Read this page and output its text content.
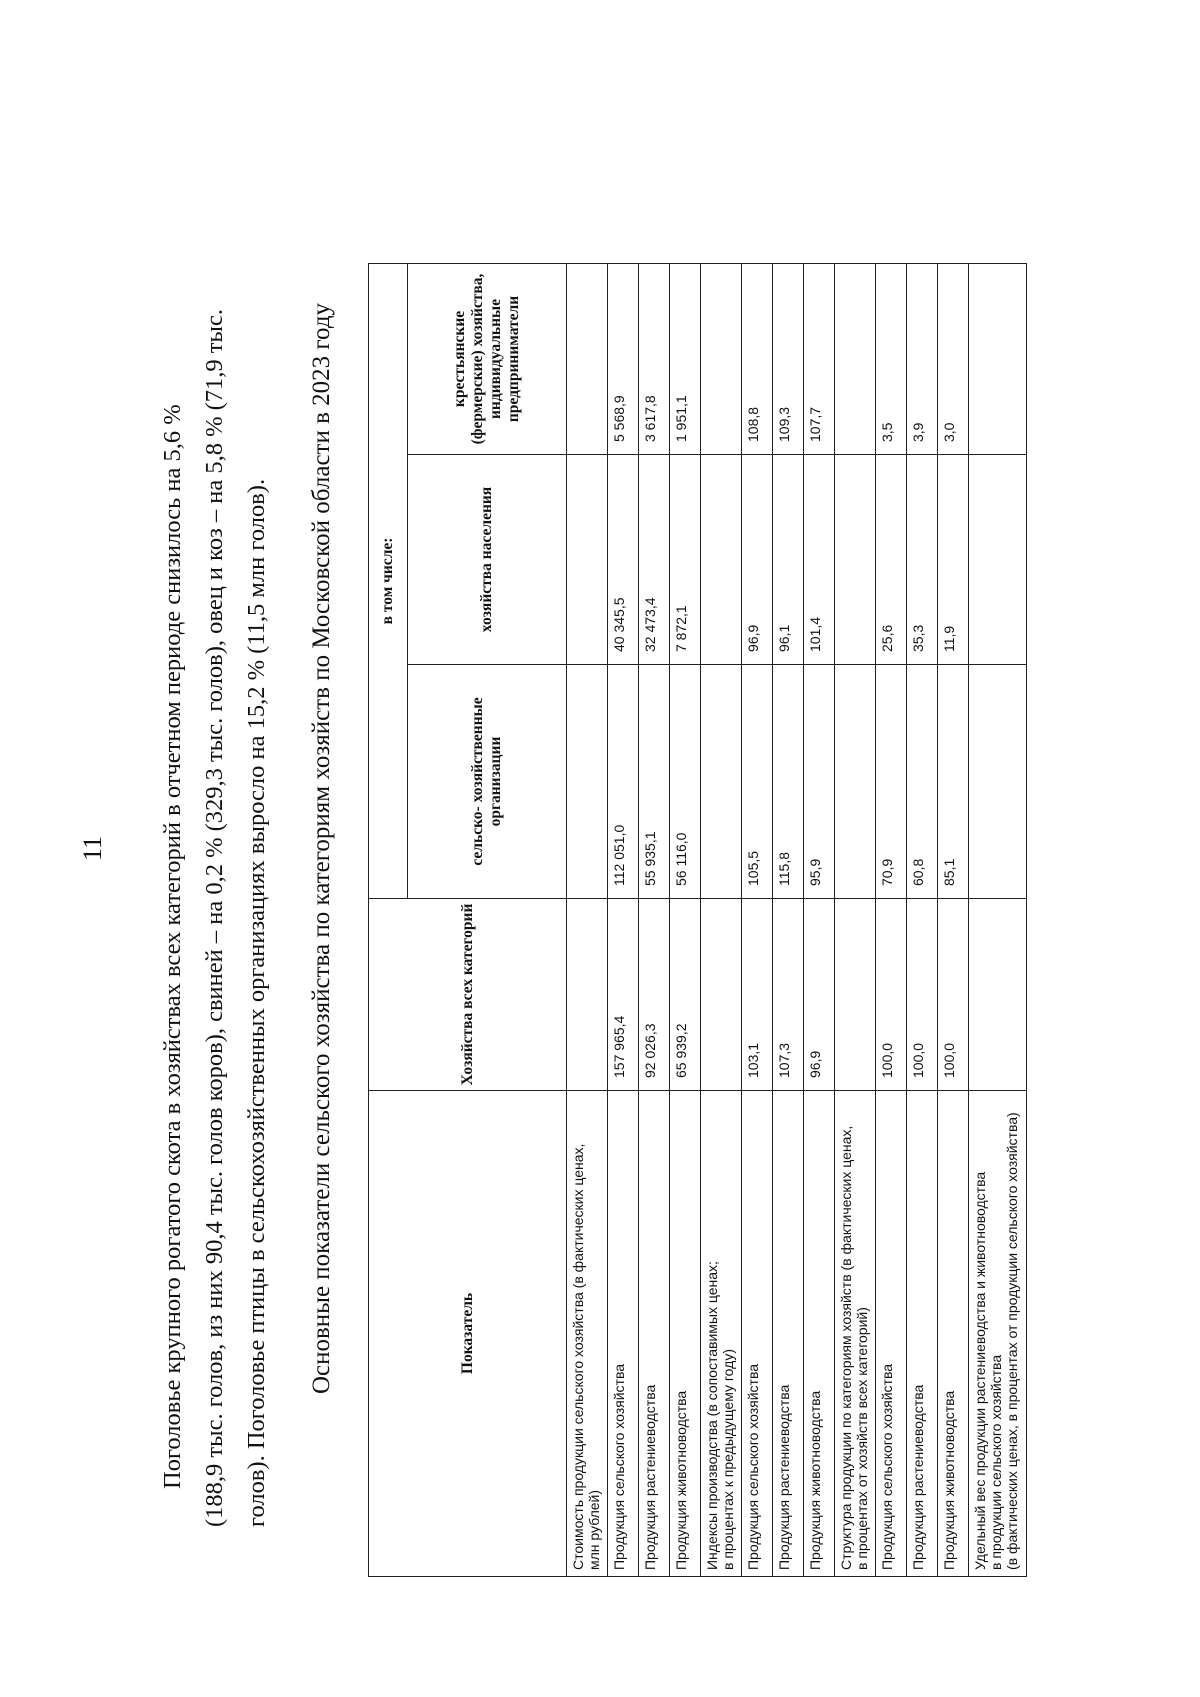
11 Поголовье крупного рогатого скота в хозяйствах всех категорий в отчетном периоде снизилось на 5,6 % (188,9 тыс. голов, из них 90,4 тыс. голов коров), свиней – на 0,2 % (329,3 тыс. голов), овец и коз – на 5,8 % (71,9 тыс. голов). Поголовье птицы в сельскохозяйственных организациях выросло на 15,2 % (11,5 млн голов).	Основные показатели сельского хозяйства по категориям хозяйств по Московской области в 2023 году	Показатель	Хозяйства всех категорий	в том числе:		
		сельско- хозяйственные организации	хозяйства населения	крестьянские (фермерские) хозяйства, индивидуальные предприниматели
Стоимость продукции сельского хозяйства (в фактических ценах,
млн рублей)				
Продукция сельского хозяйства	157 965,4	112 051,0	40 345,5	5 568,9
Продукция растениеводства	92 026,3	55 935,1	32 473,4	3 617,8
Продукция животноводства	65 939,2	56 116,0	7 872,1	1 951,1
Индексы производства (в сопоставимых ценах;
в процентах к предыдущему году)				
Продукция сельского хозяйства	103,1	105,5	96,9	108,8
Продукция растениеводства	107,3	115,8	96,1	109,3
Продукция животноводства	96,9	95,9	101,4	107,7
Структура продукции по категориям хозяйств (в фактических ценах,
в процентах от хозяйств всех категорий)				
Продукция сельского хозяйства	100,0	70,9	25,6	3,5
Продукция растениеводства	100,0	60,8	35,3	3,9
Продукция животноводства	100,0	85,1	11,9	3,0
Удельный вес продукции растениеводства и животноводства
в продукции сельского хозяйства
(в фактических ценах, в процентах от продукции сельского хозяйства)				
